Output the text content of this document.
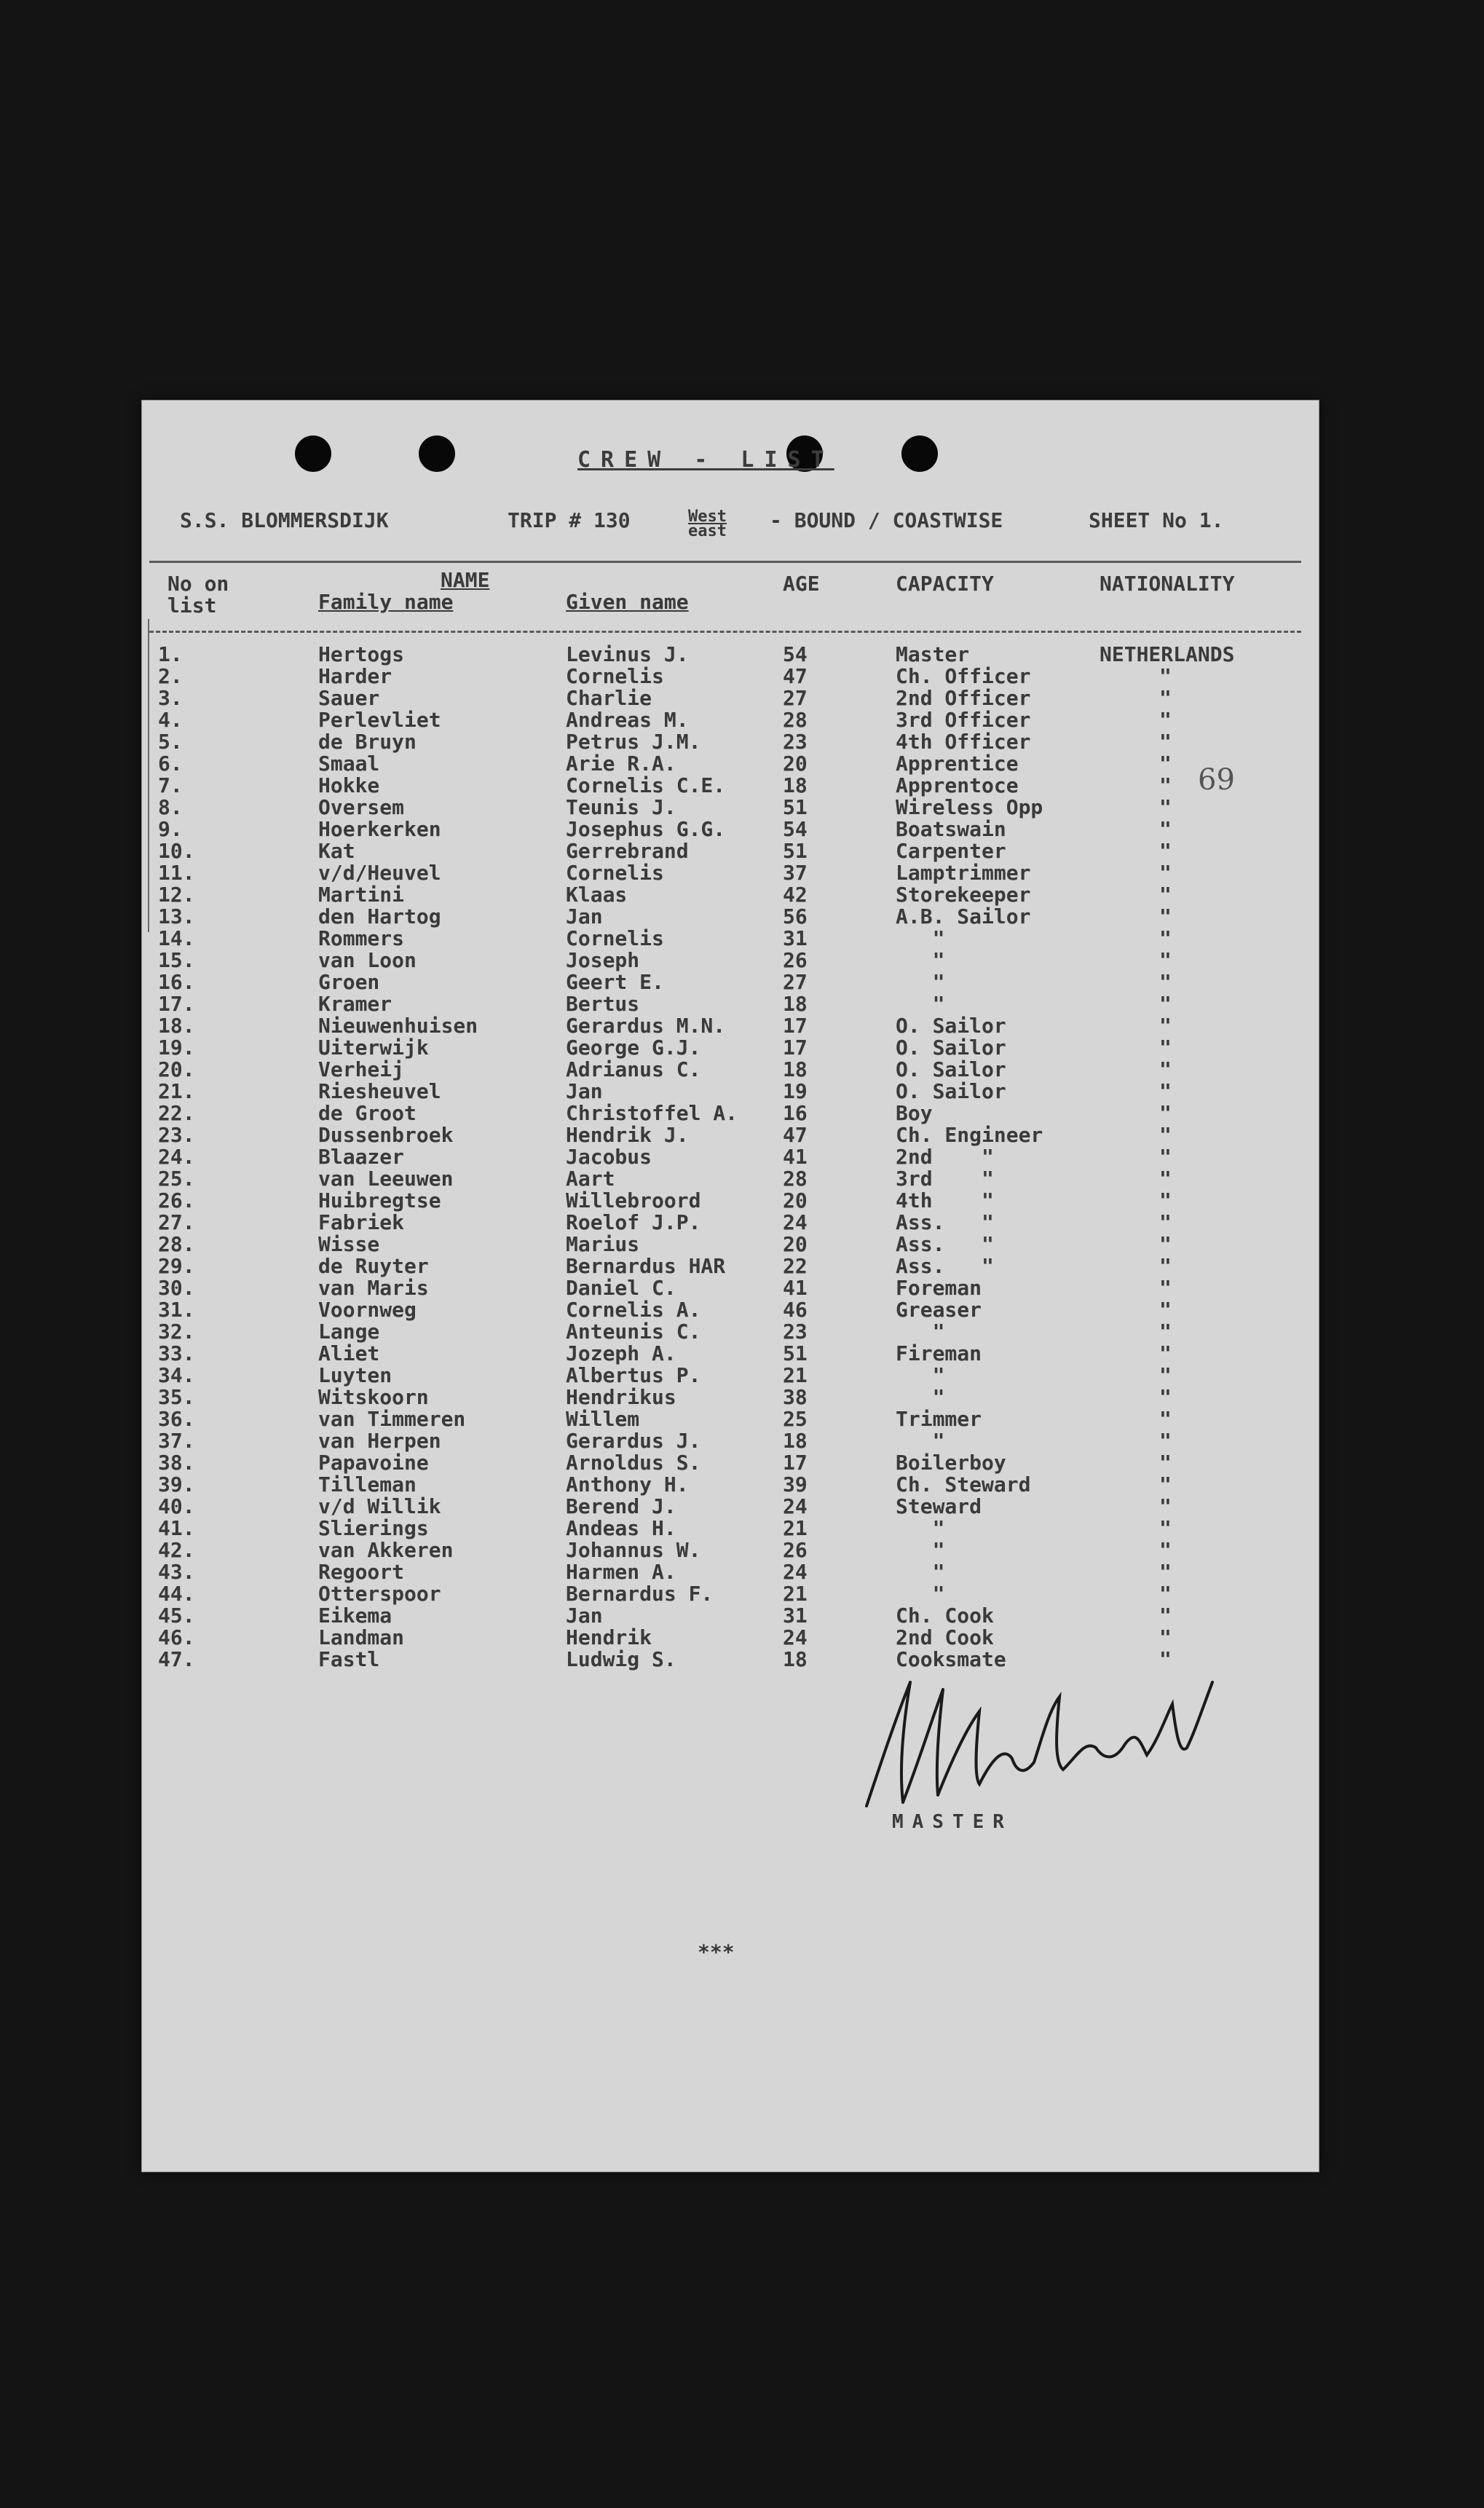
CREW - LIST
S.S. BLOMMERSDIJK	TRIP # 130	West
east - BOUND / COASTWISE	SHEET No 1.
No on
list
NAME
Family name	Given name
AGE	CAPACITY	NATIONALITY
1.	Hertogs	Levinus J.	54	Master	NETHERLANDS
2.	Harder	Cornelis	47	Ch. Officer	"
3.	Sauer	Charlie	27	2nd Officer	"
4.	Perlevliet	Andreas M.	28	3rd Officer	"
5.	de Bruyn	Petrus J.M.	23	4th Officer	"
6.	Smaal	Arie R.A.	20	Apprentice	"
7.	Hokke	Cornelis C.E.	18	Apprentoce	"
8.	Oversem	Teunis J.	51	Wireless Opp	"
9.	Hoerkerken	Josephus G.G.	54	Boatswain	"
10.	Kat	Gerrebrand	51	Carpenter	"
11.	v/d/Heuvel	Cornelis	37	Lamptrimmer	"
12.	Martini	Klaas	42	Storekeeper	"
13.	den Hartog	Jan	56	A.B. Sailor	"
14.	Rommers	Cornelis	31	"	"
15.	van Loon	Joseph	26	"	"
16.	Groen	Geert E.	27	"	"
17.	Kramer	Bertus	18	"	"
18.	Nieuwenhuisen	Gerardus M.N.	17	O. Sailor	"
19.	Uiterwijk	George G.J.	17	O. Sailor	"
20.	Verheij	Adrianus C.	18	O. Sailor	"
21.	Riesheuvel	Jan	19	O. Sailor	"
22.	de Groot	Christoffel A. 16	Boy	"
23.	Dussenbroek	Hendrik J.	47	Ch. Engineer	"
24.	Blaazer	Jacobus	41	2nd    "	"
25.	van Leeuwen	Aart	28	3rd    "	"
26.	Huibregtse	Willebroord	20	4th    "	"
27.	Fabriek	Roelof J.P.	24	Ass.   "	"
28.	Wisse	Marius	20	Ass.   "	"
29.	de Ruyter	Bernardus HAR	22	Ass.   "	"
30.	van Maris	Daniel C.	41	Foreman	"
31.	Voornweg	Cornelis A.	46	Greaser	"
32.	Lange	Anteunis C.	23	"	"
33.	Aliet	Jozeph A.	51	Fireman	"
34.	Luyten	Albertus P.	21	"	"
35.	Witskoorn	Hendrikus	38	"	"
36.	van Timmeren	Willem	25	Trimmer	"
37.	van Herpen	Gerardus J.	18	"	"
38.	Papavoine	Arnoldus S.	17	Boilerboy	"
39.	Tilleman	Anthony H.	39	Ch. Steward	"
40.	v/d Willik	Berend J.	24	Steward	"
41.	Slierings	Andeas H.	21	"	"
42.	van Akkeren	Johannus W.	26	"	"
43.	Regoort	Harmen A.	24	"	"
44.	Otterspoor	Bernardus F.	21	"	"
45.	Eikema	Jan	31	Ch. Cook	"
46.	Landman	Hendrik	24	2nd Cook	"
47.	Fastl	Ludwig S.	18	Cooksmate	"
69
MASTER
***
